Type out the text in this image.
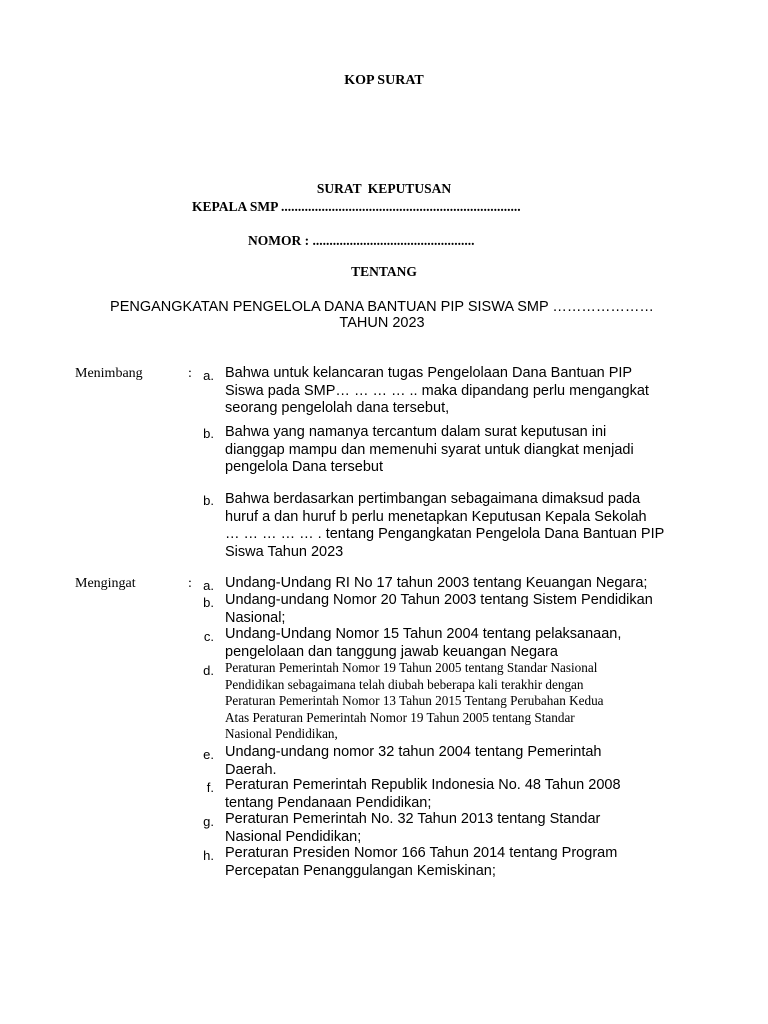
KOP SURAT
SURAT KEPUTUSAN
KEPALA SMP .......................................................................
NOMOR : ................................................
TENTANG
PENGANGKATAN PENGELOLA DANA BANTUAN PIP SISWA SMP …………………
TAHUN 2023
Menimbang	: a. Bahwa untuk kelancaran tugas Pengelolaan Dana Bantuan PIP
Siswa pada SMP… … … … .. maka dipandang perlu mengangkat
seorang pengelolah dana tersebut,
b. Bahwa yang namanya tercantum dalam surat keputusan ini
dianggap mampu dan memenuhi syarat untuk diangkat menjadi
pengelola Dana tersebut
b. Bahwa berdasarkan pertimbangan sebagaimana dimaksud pada
huruf a dan huruf b perlu menetapkan Keputusan Kepala Sekolah
… … … … … . tentang Pengangkatan Pengelola Dana Bantuan PIP
Siswa Tahun 2023
Mengingat	: a. Undang-Undang RI No 17 tahun 2003 tentang Keuangan Negara;
b. Undang-undang Nomor 20 Tahun 2003 tentang Sistem Pendidikan
Nasional;
c. Undang-Undang Nomor 15 Tahun 2004 tentang pelaksanaan,
pengelolaan dan tanggung jawab keuangan Negara
d. Peraturan Pemerintah Nomor 19 Tahun 2005 tentang Standar Nasional
Pendidikan sebagaimana telah diubah beberapa kali terakhir dengan
Peraturan Pemerintah Nomor 13 Tahun 2015 Tentang Perubahan Kedua
Atas Peraturan Pemerintah Nomor 19 Tahun 2005 tentang Standar
Nasional Pendidikan,
e. Undang-undang nomor 32 tahun 2004 tentang Pemerintah
Daerah.
f. Peraturan Pemerintah Republik Indonesia No. 48 Tahun 2008
tentang Pendanaan Pendidikan;
g. Peraturan Pemerintah No. 32 Tahun 2013 tentang Standar
Nasional Pendidikan;
h. Peraturan Presiden Nomor 166 Tahun 2014 tentang Program
Percepatan Penanggulangan Kemiskinan;
